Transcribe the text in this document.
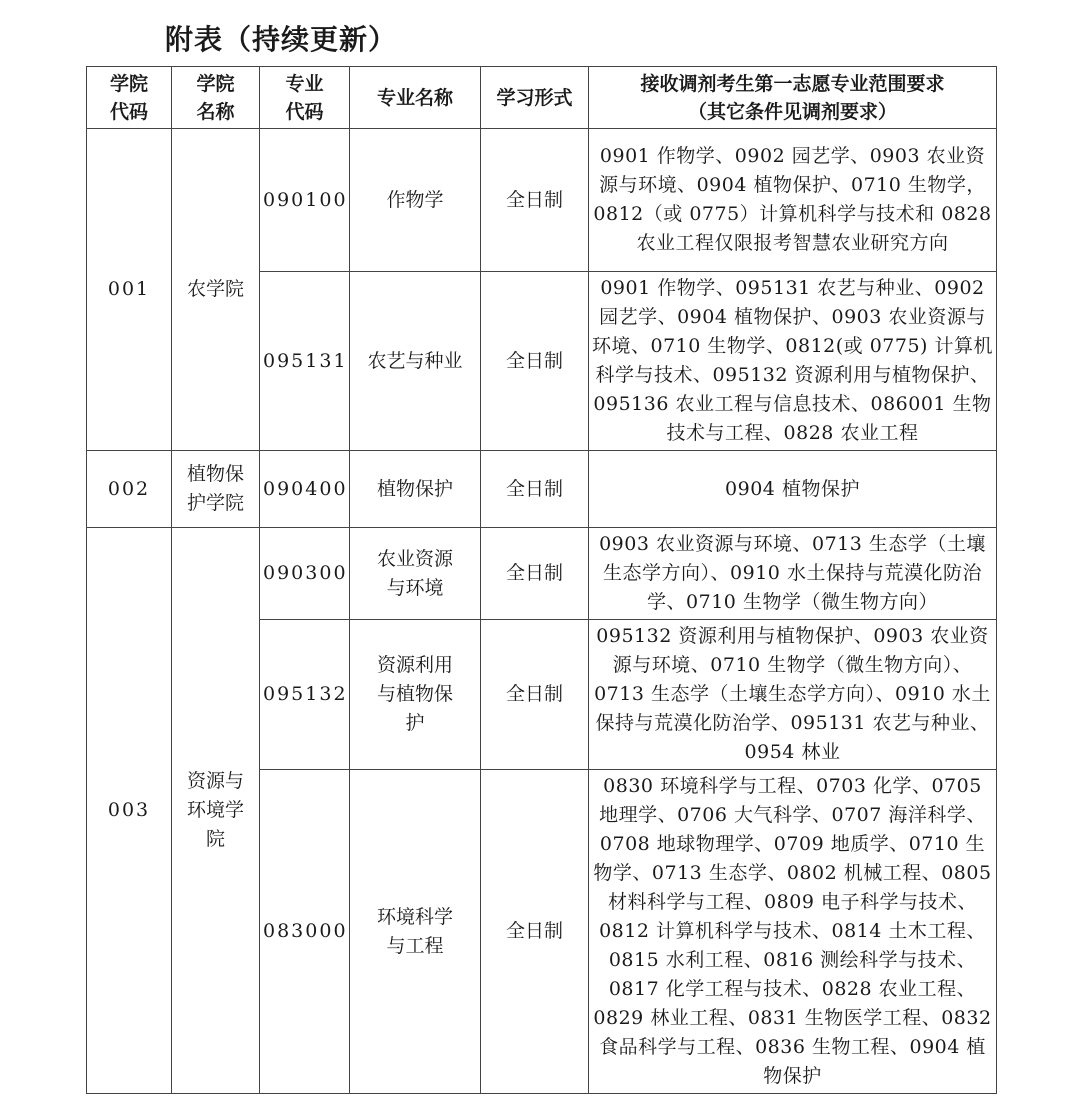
附表（持续更新）
学院代码	学院名称	专业代码	专业名称	学习形式	接收调剂考生第一志愿专业范围要求
（其它条件见调剂要求）

001	农学院	090100	作物学	全日制	0901 作物学、0902 园艺学、0903 农业资源与环境、0904 植物保护、0710 生物学，0812（或 0775）计算机科学与技术和 0828 农业工程仅限报考智慧农业研究方向
		095131	农艺与种业	全日制	0901 作物学、095131 农艺与种业、0902 园艺学、0904 植物保护、0903 农业资源与环境、0710 生物学、0812(或 0775) 计算机科学与技术、095132 资源利用与植物保护、095136 农业工程与信息技术、086001 生物技术与工程、0828 农业工程
002	植物保护学院	090400	植物保护	全日制	0904 植物保护
003	资源与环境学院	090300	农业资源与环境	全日制	0903 农业资源与环境、0713 生态学（土壤生态学方向）、0910 水土保持与荒漠化防治学、0710 生物学（微生物方向）
		095132	资源利用与植物保护	全日制	095132 资源利用与植物保护、0903 农业资源与环境、0710 生物学（微生物方向）、0713 生态学（土壤生态学方向）、0910 水土保持与荒漠化防治学、095131 农艺与种业、0954 林业
		083000	环境科学与工程	全日制	0830 环境科学与工程、0703 化学、0705 地理学、0706 大气科学、0707 海洋科学、0708 地球物理学、0709 地质学、0710 生物学、0713 生态学、0802 机械工程、0805 材料科学与工程、0809 电子科学与技术、0812 计算机科学与技术、0814 土木工程、0815 水利工程、0816 测绘科学与技术、0817 化学工程与技术、0828 农业工程、0829 林业工程、0831 生物医学工程、0832 食品科学与工程、0836 生物工程、0904 植物保护
